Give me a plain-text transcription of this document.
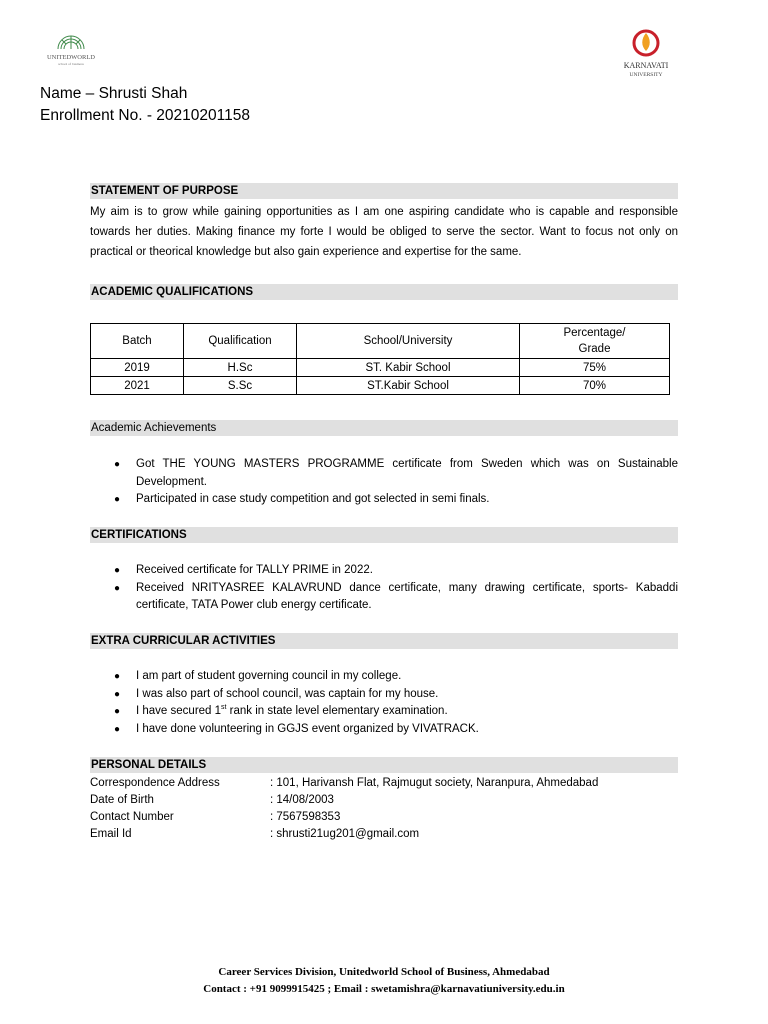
UNITEDWORLD
school of business	KARNAVATI
UNIVERSITY
Name – Shrusti Shah
Enrollment No. - 20210201158
STATEMENT OF PURPOSE
My aim is to grow while gaining opportunities as I am one aspiring candidate who is capable and responsible towards her duties. Making finance my forte I would be obliged to serve the sector. Want to focus not only on practical or theorical knowledge but also gain experience and expertise for the same.
ACADEMIC QUALIFICATIONS
Batch	Qualification	School/University	Percentage/ Grade
2019	H.Sc	ST. Kabir School	75%
2021	S.Sc	ST.Kabir School	70%
Academic Achievements
● Got THE YOUNG MASTERS PROGRAMME certificate from Sweden which was on Sustainable Development.
● Participated in case study competition and got selected in semi finals.
CERTIFICATIONS
● Received certificate for TALLY PRIME in 2022.
● Received NRITYASREE KALAVRUND dance certificate, many drawing certificate, sports- Kabaddi certificate, TATA Power club energy certificate.
EXTRA CURRICULAR ACTIVITIES
● I am part of student governing council in my college.
● I was also part of school council, was captain for my house.
● I have secured 1st rank in state level elementary examination.
● I have done volunteering in GGJS event organized by VIVATRACK.
PERSONAL DETAILS
Correspondence Address	: 101, Harivansh Flat, Rajmugut society, Naranpura, Ahmedabad
Date of Birth	: 14/08/2003
Contact Number	: 7567598353
Email Id	: shrusti21ug201@gmail.com
Career Services Division, Unitedworld School of Business, Ahmedabad
Contact : +91 9099915425 ; Email : swetamishra@karnavatiuniversity.edu.in
